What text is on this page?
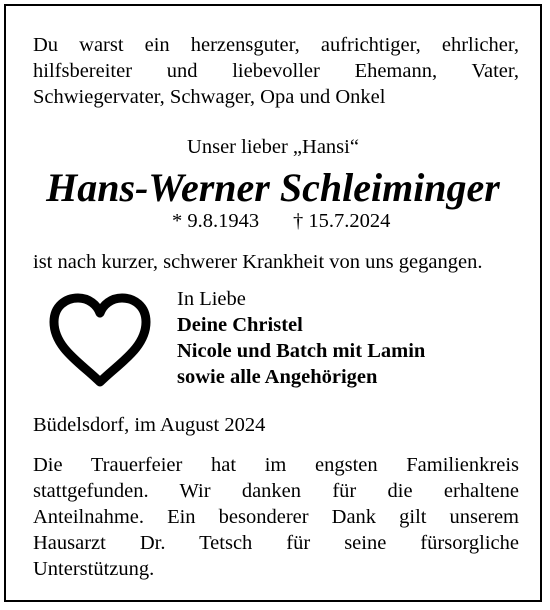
Du warst ein herzensguter, aufrichtiger, ehrlicher,
hilfsbereiter und liebevoller Ehemann, Vater,
Schwiegervater, Schwager, Opa und Onkel
Unser lieber „Hansi“
Hans-Werner Schleiminger
* 9.8.1943 † 15.7.2024
ist nach kurzer, schwerer Krankheit von uns gegangen.
In Liebe
Deine Christel
Nicole und Batch mit Lamin
sowie alle Angehörigen
Büdelsdorf, im August 2024
Die Trauerfeier hat im engsten Familienkreis
stattgefunden. Wir danken für die erhaltene
Anteilnahme. Ein besonderer Dank gilt unserem
Hausarzt Dr. Tetsch für seine fürsorgliche
Unterstützung.
